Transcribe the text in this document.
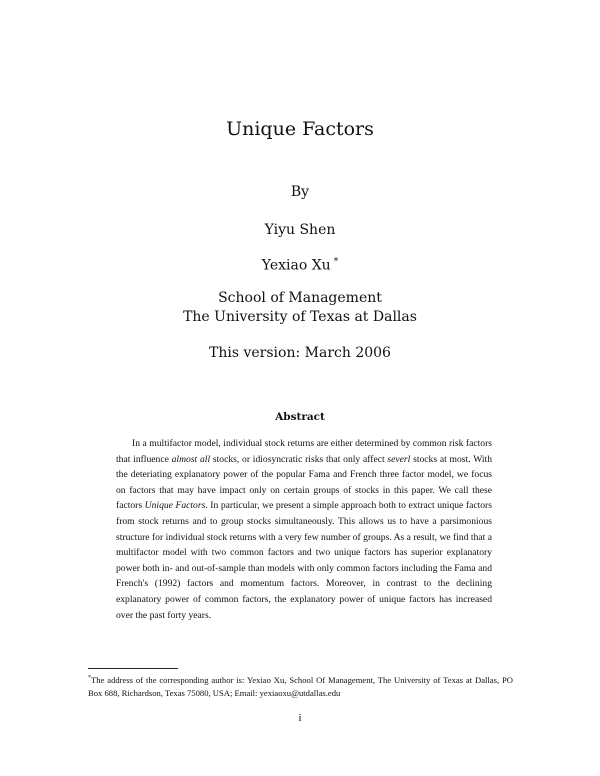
Unique Factors
By
Yiyu Shen
Yexiao Xu *
School of Management
The University of Texas at Dallas
This version: March 2006
Abstract

In a multifactor model, individual stock returns are either determined by common risk factors that influence almost all stocks, or idiosyncratic risks that only affect severl stocks at most. With the deteriating explanatory power of the popular Fama and French three factor model, we focus on factors that may have impact only on certain groups of stocks in this paper. We call these factors Unique Factors. In particular, we present a simple approach both to extract unique factors from stock returns and to group stocks simultaneously. This allows us to have a parsimonious structure for individual stock returns with a very few number of groups. As a result, we find that a multifactor model with two common factors and two unique factors has superior explanatory power both in- and out-of-sample than models with only common factors including the Fama and French's (1992) factors and momentum factors. Moreover, in contrast to the declining explanatory power of common factors, the explanatory power of unique factors has increased over the past forty years.

*The address of the corresponding author is: Yexiao Xu, School Of Management, The University of Texas at Dallas, PO Box 688, Richardson, Texas 75080, USA; Email: yexiaoxu@utdallas.edu
i
